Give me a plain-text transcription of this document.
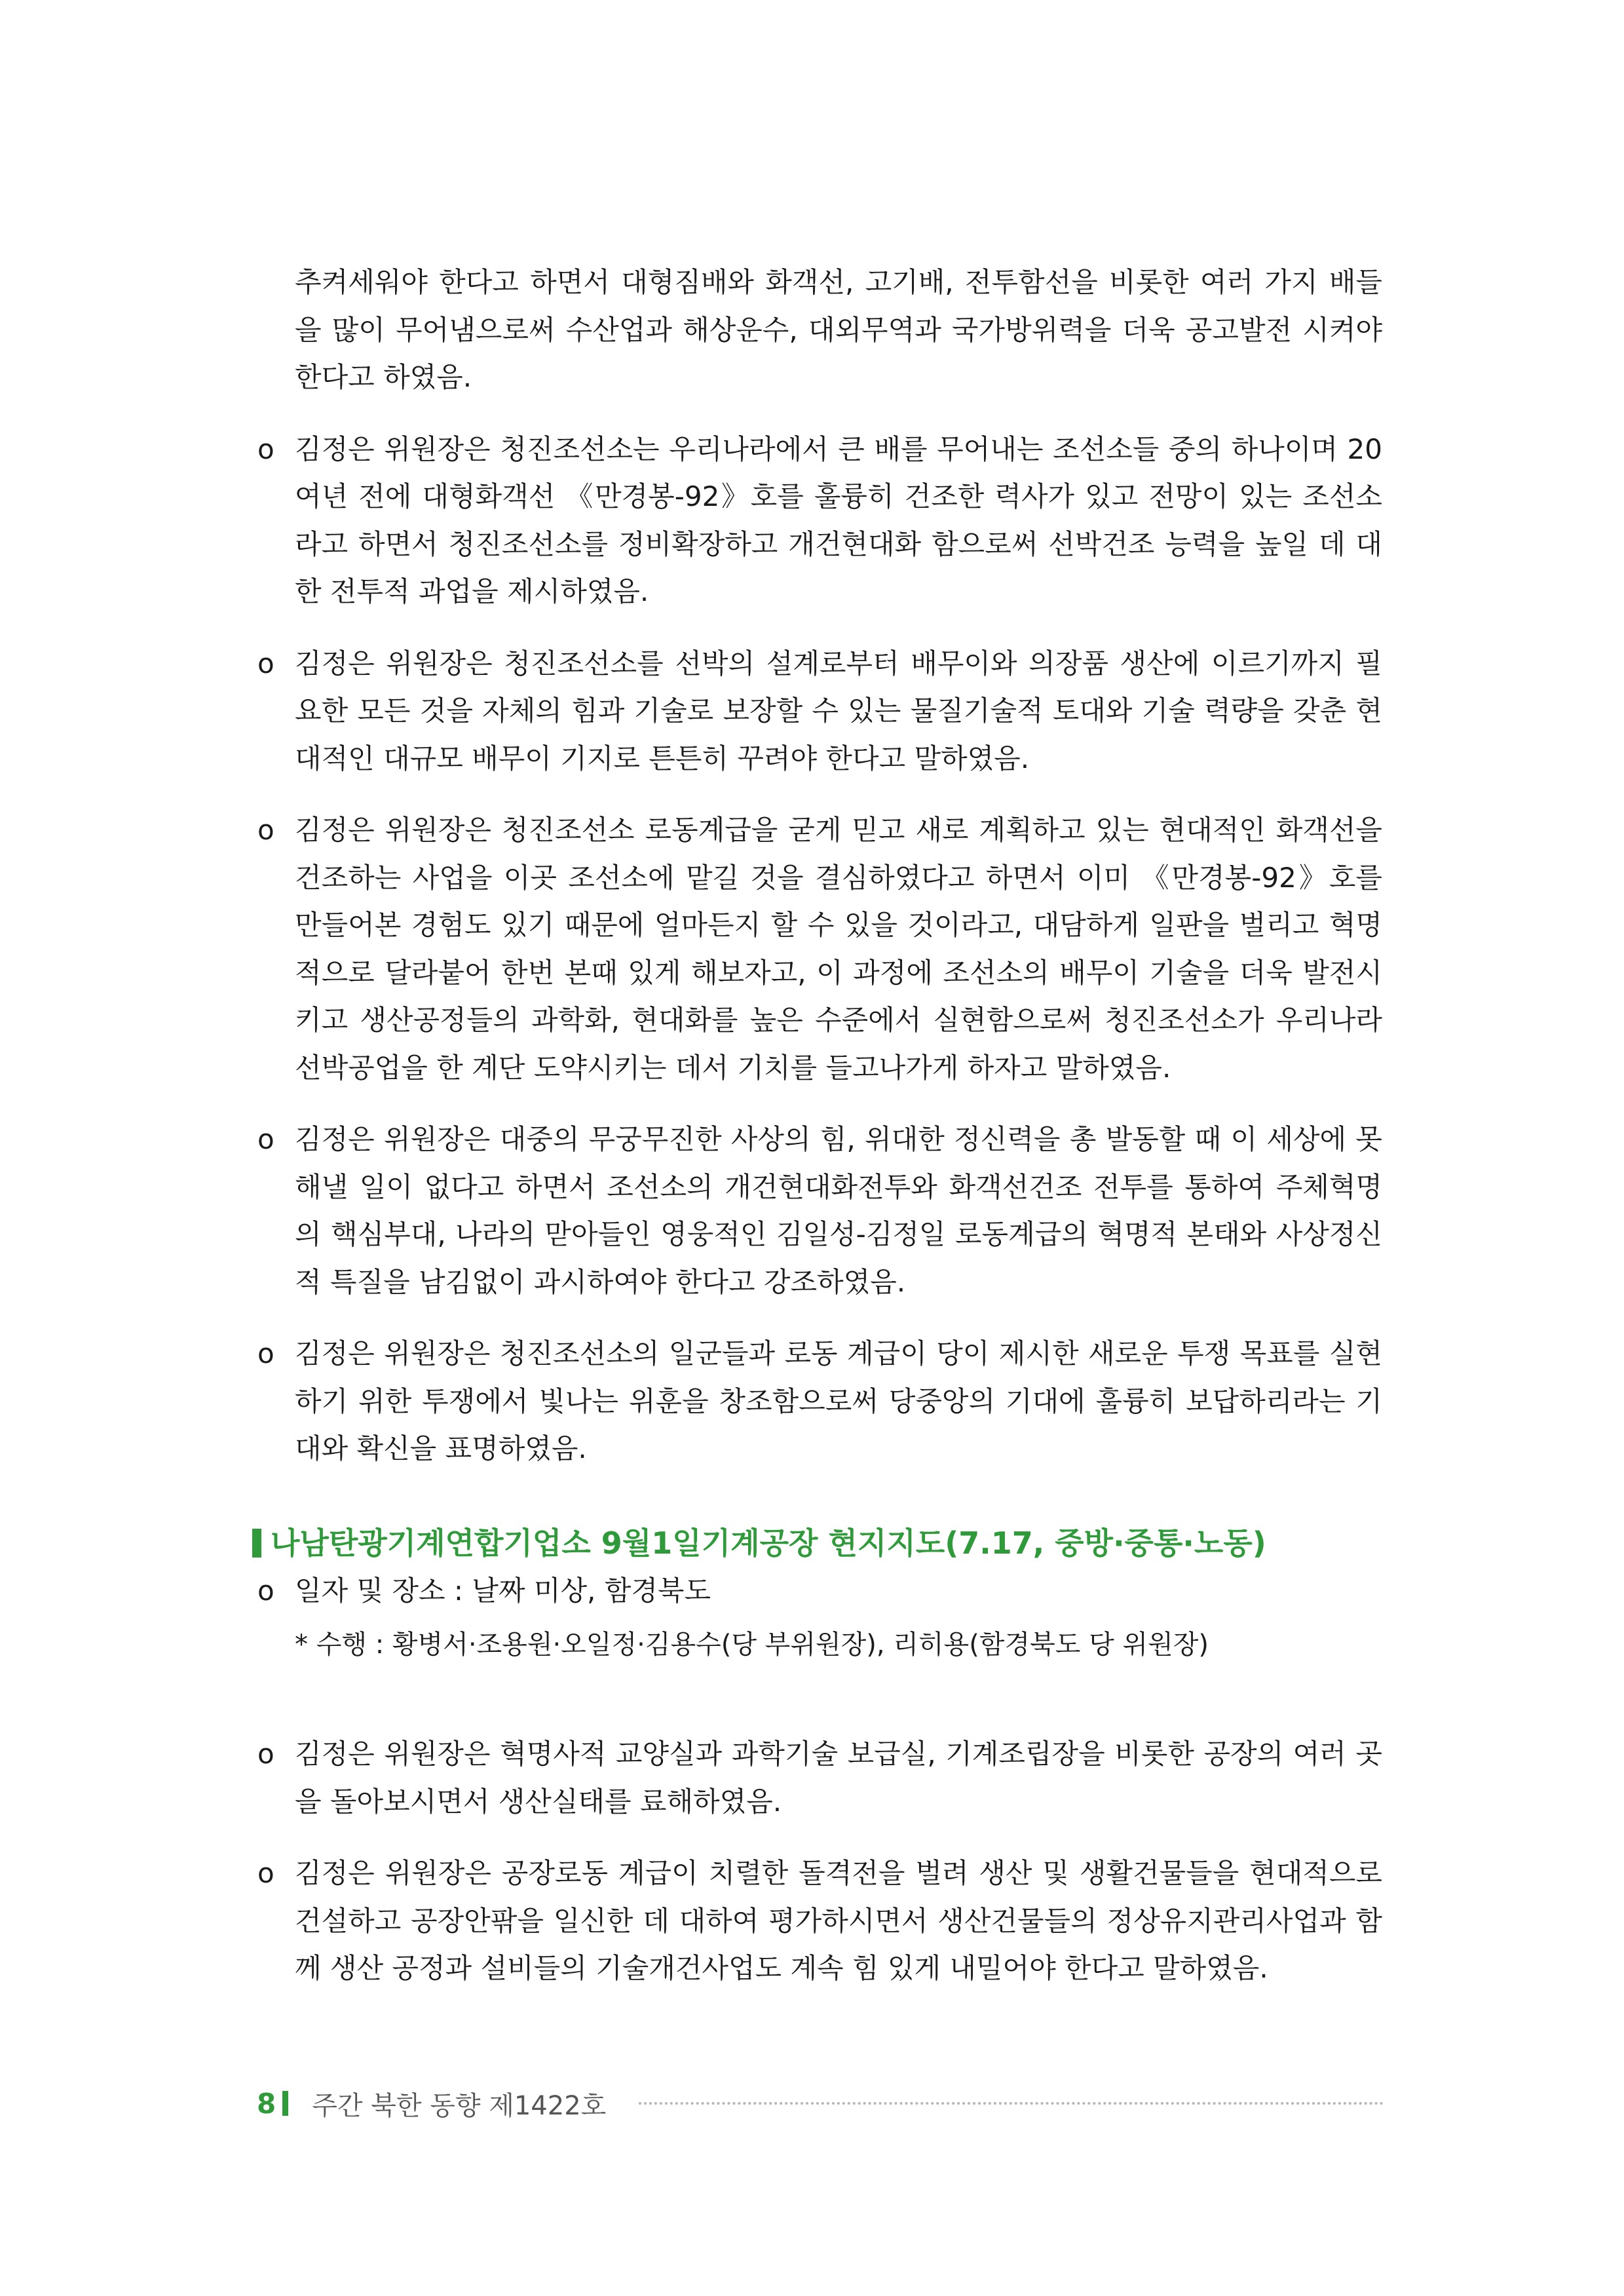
추켜세워야 한다고 하면서 대형짐배와 화객선, 고기배, 전투함선을 비롯한 여러 가지 배들을 많이 무어냄으로써 수산업과 해상운수, 대외무역과 국가방위력을 더욱 공고발전 시켜야 한다고 하였음.

o 김정은 위원장은 청진조선소는 우리나라에서 큰 배를 무어내는 조선소들 중의 하나이며 20여년 전에 대형화객선 《만경봉-92》호를 훌륭히 건조한 력사가 있고 전망이 있는 조선소라고 하면서 청진조선소를 정비확장하고 개건현대화 함으로써 선박건조 능력을 높일 데 대한 전투적 과업을 제시하였음.
o 김정은 위원장은 청진조선소를 선박의 설계로부터 배무이와 의장품 생산에 이르기까지 필요한 모든 것을 자체의 힘과 기술로 보장할 수 있는 물질기술적 토대와 기술 력량을 갖춘 현대적인 대규모 배무이 기지로 튼튼히 꾸려야 한다고 말하였음.
o 김정은 위원장은 청진조선소 로동계급을 굳게 믿고 새로 계획하고 있는 현대적인 화객선을 건조하는 사업을 이곳 조선소에 맡길 것을 결심하였다고 하면서 이미 《만경봉-92》호를 만들어본 경험도 있기 때문에 얼마든지 할 수 있을 것이라고, 대담하게 일판을 벌리고 혁명적으로 달라붙어 한번 본때 있게 해보자고, 이 과정에 조선소의 배무이 기술을 더욱 발전시키고 생산공정들의 과학화, 현대화를 높은 수준에서 실현함으로써 청진조선소가 우리나라 선박공업을 한 계단 도약시키는 데서 기치를 들고나가게 하자고 말하였음.
o 김정은 위원장은 대중의 무궁무진한 사상의 힘, 위대한 정신력을 총 발동할 때 이 세상에 못해낼 일이 없다고 하면서 조선소의 개건현대화전투와 화객선건조 전투를 통하여 주체혁명의 핵심부대, 나라의 맏아들인 영웅적인 김일성-김정일 로동계급의 혁명적 본태와 사상정신적 특질을 남김없이 과시하여야 한다고 강조하였음.
o 김정은 위원장은 청진조선소의 일군들과 로동 계급이 당이 제시한 새로운 투쟁 목표를 실현하기 위한 투쟁에서 빛나는 위훈을 창조함으로써 당중앙의 기대에 훌륭히 보답하리라는 기대와 확신을 표명하였음.
나남탄광기계연합기업소 9월1일기계공장 현지지도(7.17, 중방·중통·노동)
o 일자 및 장소 : 날짜 미상, 함경북도
* 수행 : 황병서·조용원·오일정·김용수(당 부위원장), 리히용(함경북도 당 위원장)
o 김정은 위원장은 혁명사적 교양실과 과학기술 보급실, 기계조립장을 비롯한 공장의 여러 곳을 돌아보시면서 생산실태를 료해하였음.
o 김정은 위원장은 공장로동 계급이 치렬한 돌격전을 벌려 생산 및 생활건물들을 현대적으로 건설하고 공장안팎을 일신한 데 대하여 평가하시면서 생산건물들의 정상유지관리사업과 함께 생산 공정과 설비들의 기술개건사업도 계속 힘 있게 내밀어야 한다고 말하였음.
8 주간 북한 동향 제1422호
